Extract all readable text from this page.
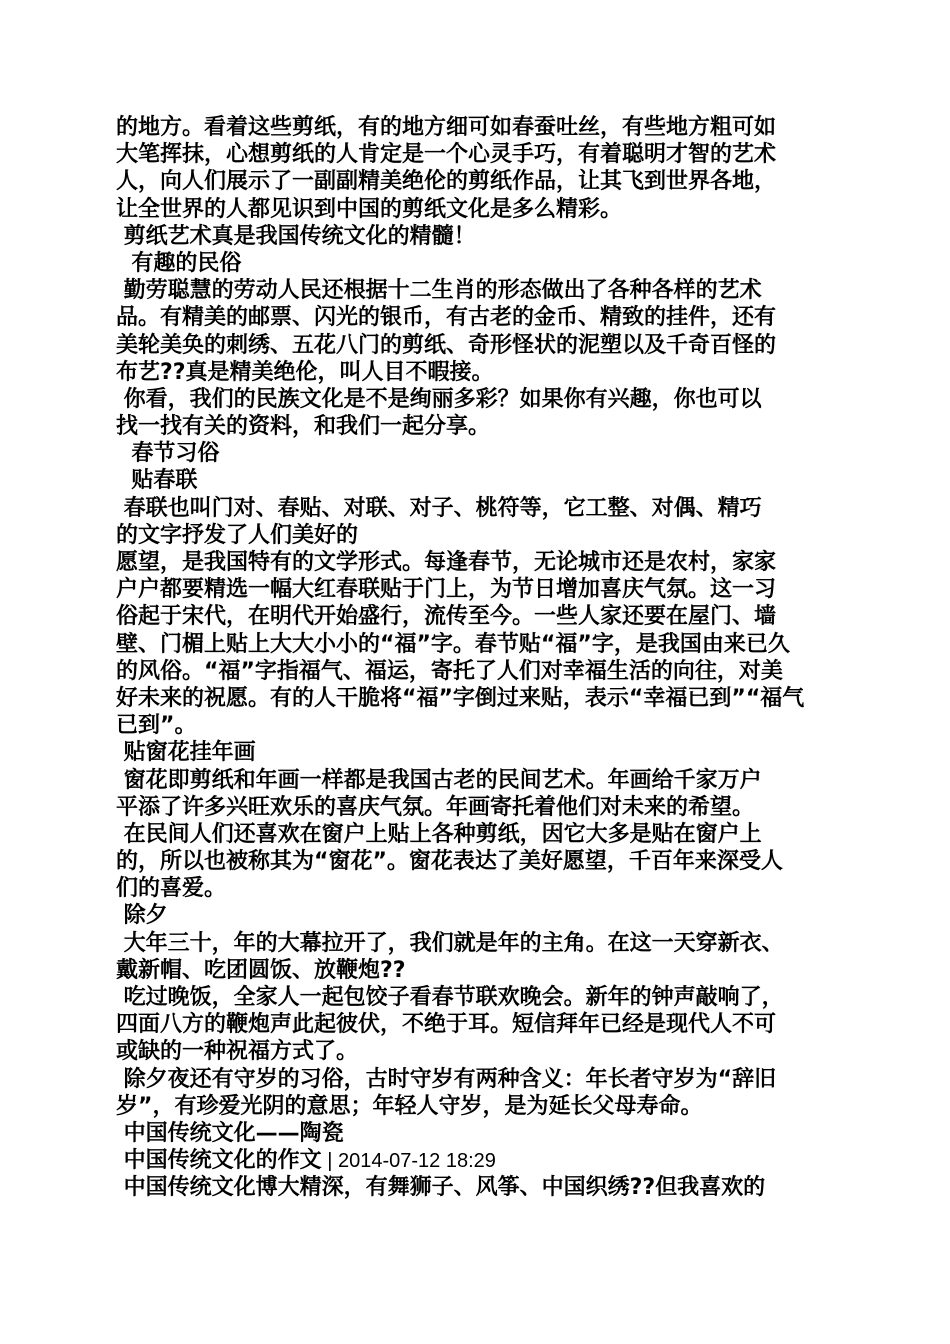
的地方。看着这些剪纸，有的地方细可如春蚕吐丝，有些地方粗可如
大笔挥抹，心想剪纸的人肯定是一个心灵手巧，有着聪明才智的艺术
人，向人们展示了一副副精美绝伦的剪纸作品，让其飞到世界各地，
让全世界的人都见识到中国的剪纸文化是多么精彩。
剪纸艺术真是我国传统文化的精髓！
有趣的民俗
勤劳聪慧的劳动人民还根据十二生肖的形态做出了各种各样的艺术
品。有精美的邮票、闪光的银币，有古老的金币、精致的挂件，还有
美轮美奂的刺绣、五花八门的剪纸、奇形怪状的泥塑以及千奇百怪的
布艺??真是精美绝伦，叫人目不暇接。
你看，我们的民族文化是不是绚丽多彩？如果你有兴趣，你也可以
找一找有关的资料，和我们一起分享。
春节习俗
贴春联
春联也叫门对、春贴、对联、对子、桃符等，它工整、对偶、精巧
的文字抒发了人们美好的
愿望，是我国特有的文学形式。每逢春节，无论城市还是农村，家家
户户都要精选一幅大红春联贴于门上，为节日增加喜庆气氛。这一习
俗起于宋代，在明代开始盛行，流传至今。一些人家还要在屋门、墙
壁、门楣上贴上大大小小的“福”字。春节贴“福”字，是我国由来已久
的风俗。“福”字指福气、福运，寄托了人们对幸福生活的向往，对美
好未来的祝愿。有的人干脆将“福”字倒过来贴，表示“幸福已到”“福气
已到”。
贴窗花挂年画
窗花即剪纸和年画一样都是我国古老的民间艺术。年画给千家万户
平添了许多兴旺欢乐的喜庆气氛。年画寄托着他们对未来的希望。
在民间人们还喜欢在窗户上贴上各种剪纸，因它大多是贴在窗户上
的，所以也被称其为“窗花”。窗花表达了美好愿望，千百年来深受人
们的喜爱。
除夕
大年三十，年的大幕拉开了，我们就是年的主角。在这一天穿新衣、
戴新帽、吃团圆饭、放鞭炮??
吃过晚饭，全家人一起包饺子看春节联欢晚会。新年的钟声敲响了，
四面八方的鞭炮声此起彼伏，不绝于耳。短信拜年已经是现代人不可
或缺的一种祝福方式了。
除夕夜还有守岁的习俗，古时守岁有两种含义：年长者守岁为“辞旧
岁”，有珍爱光阴的意思；年轻人守岁，是为延长父母寿命。
中国传统文化——陶瓷
中国传统文化的作文 | 2014-07-12 18:29
中国传统文化博大精深，有舞狮子、风筝、中国织绣??但我喜欢的
